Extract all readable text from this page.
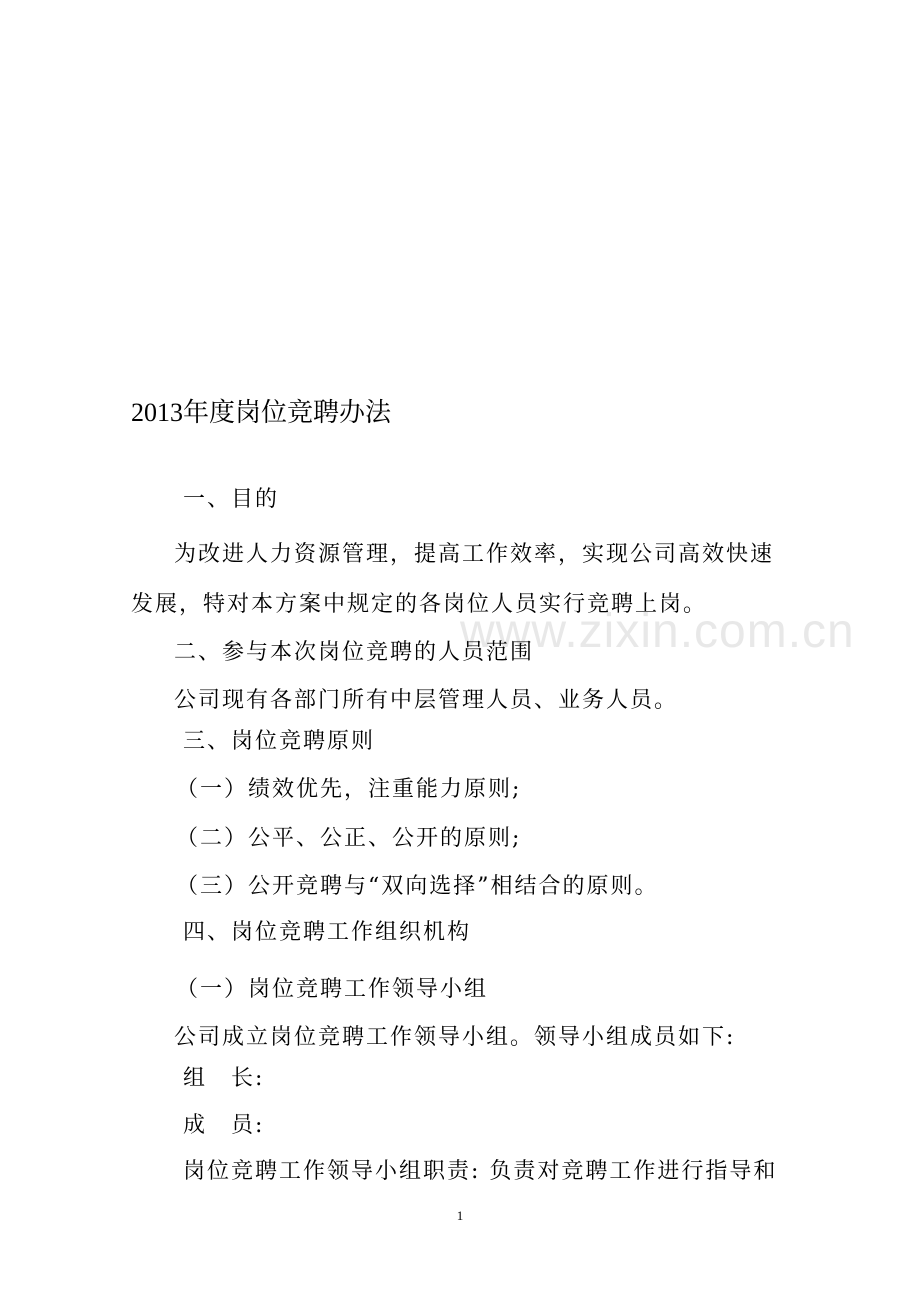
www.zixin.com.cn
2013年度岗位竞聘办法
一、目的
为改进人力资源管理，提高工作效率，实现公司高效快速
发展，特对本方案中规定的各岗位人员实行竞聘上岗。
二、参与本次岗位竞聘的人员范围
公司现有各部门所有中层管理人员、业务人员。
三、岗位竞聘原则
（一）绩效优先，注重能力原则;
（二）公平、公正、公开的原则;
（三）公开竞聘与“双向选择”相结合的原则。
四、岗位竞聘工作组织机构
（一）岗位竞聘工作领导小组
公司成立岗位竞聘工作领导小组。领导小组成员如下:
组　长:
成　员:
岗位竞聘工作领导小组职责: 负责对竞聘工作进行指导和
1
